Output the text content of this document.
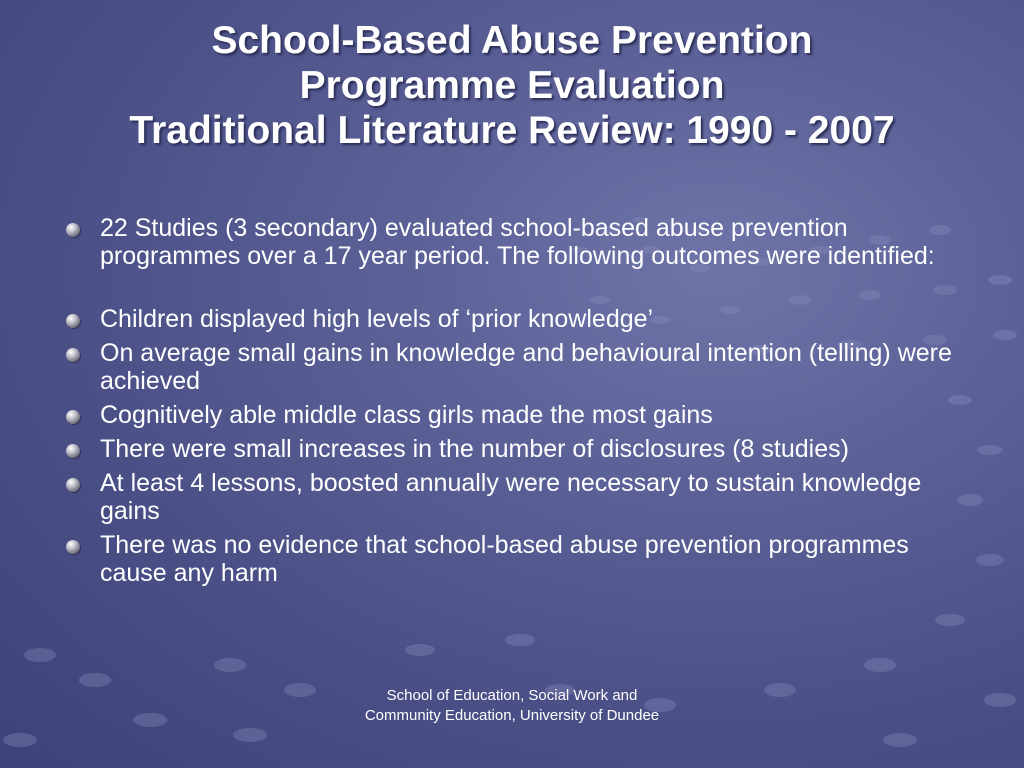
School-Based Abuse Prevention
Programme Evaluation
Traditional Literature Review: 1990 - 2007
22 Studies (3 secondary) evaluated school-based abuse prevention programmes over a 17 year period. The following outcomes were identified:
Children displayed high levels of ‘prior knowledge’
On average small gains in knowledge and behavioural intention (telling) were achieved
Cognitively able middle class girls made the most gains
There were small increases in the number of disclosures (8 studies)
At least 4 lessons, boosted annually were necessary to sustain knowledge gains
There was no evidence that school-based abuse prevention programmes cause any harm
School of Education, Social Work and Community Education, University of Dundee
